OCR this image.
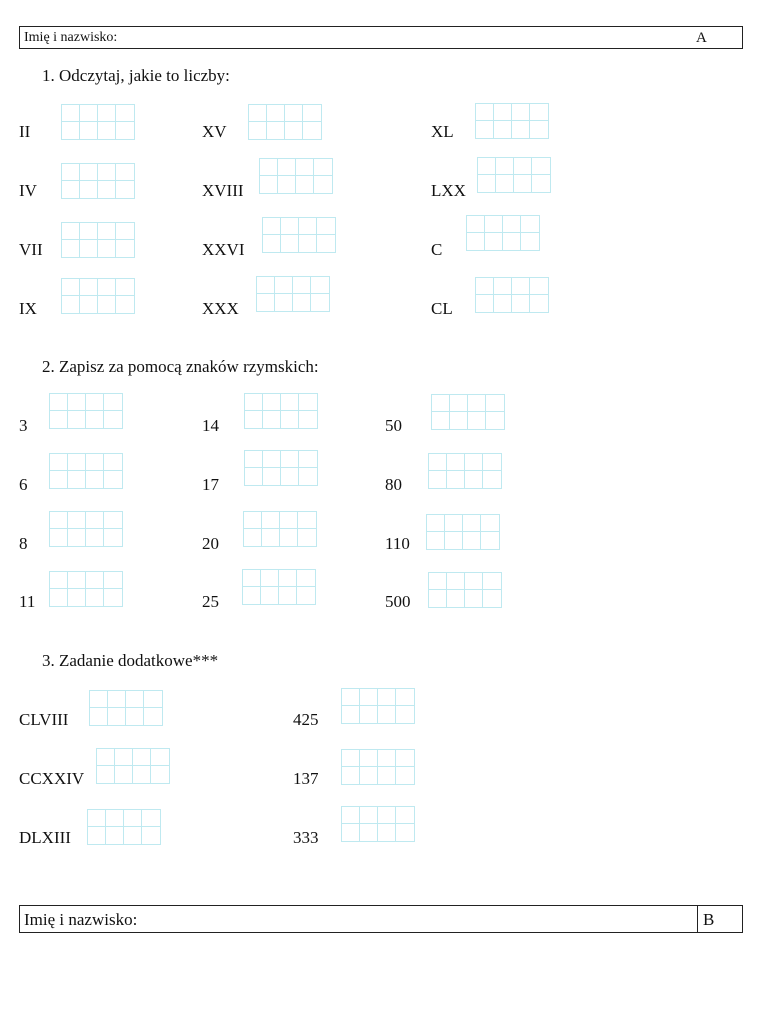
Imię i nazwisko:	A
1. Odczytaj, jakie to liczby:
II	XV	XL
IV	XVIII	LXX
VII	XXVI	C
IX	XXX	CL
2. Zapisz za pomocą znaków rzymskich:
3	14	50
6	17	80
8	20	110
11	25	500
3. Zadanie dodatkowe***
CLVIII	425
CCXXIV	137
DLXIII	333
Imię i nazwisko:	B
